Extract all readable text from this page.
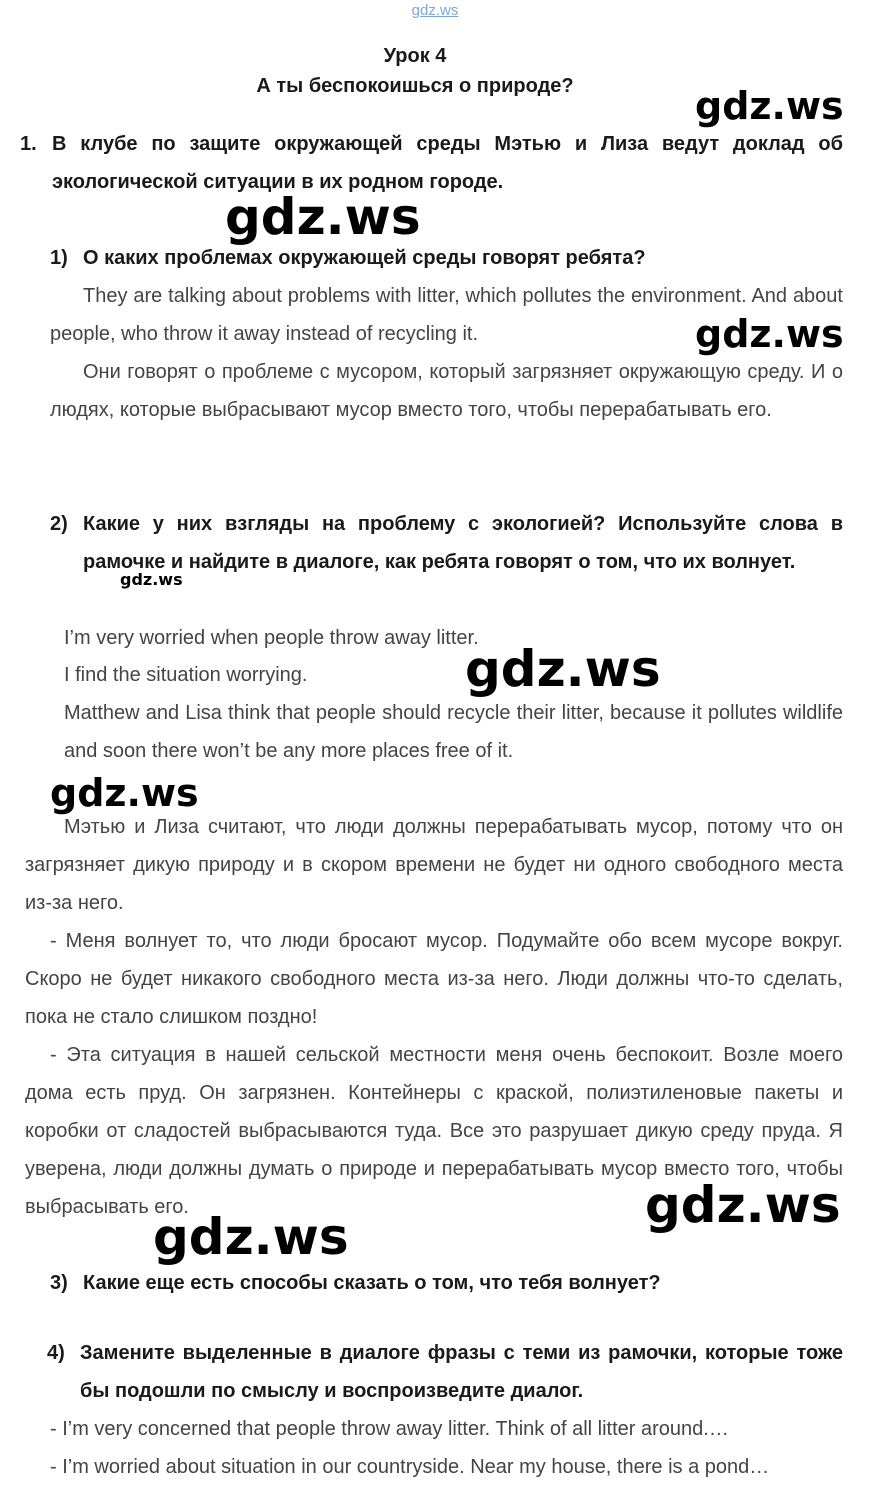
gdz.ws
Урок 4
А ты беспокоишься о природе?
1. В клубе по защите окружающей среды Мэтью и Лиза ведут доклад об экологической ситуации в их родном городе.
1) О каких проблемах окружающей среды говорят ребята?
They are talking about problems with litter, which pollutes the environment. And about people, who throw it away instead of recycling it.
Они говорят о проблеме с мусором, который загрязняет окружающую среду. И о людях, которые выбрасывают мусор вместо того, чтобы перерабатывать его.
2) Какие у них взгляды на проблему с экологией? Используйте слова в рамочке и найдите в диалоге, как ребята говорят о том, что их волнует.
I’m very worried when people throw away litter.
I find the situation worrying.
Matthew and Lisa think that people should recycle their litter, because it pollutes wildlife and soon there won’t be any more places free of it.
Мэтью и Лиза считают, что люди должны перерабатывать мусор, потому что он загрязняет дикую природу и в скором времени не будет ни одного свободного места из-за него.
- Меня волнует то, что люди бросают мусор. Подумайте обо всем мусоре вокруг. Скоро не будет никакого свободного места из-за него. Люди должны что-то сделать, пока не стало слишком поздно!
- Эта ситуация в нашей сельской местности меня очень беспокоит. Возле моего дома есть пруд. Он загрязнен. Контейнеры с краской, полиэтиленовые пакеты и коробки от сладостей выбрасываются туда. Все это разрушает дикую среду пруда. Я уверена, люди должны думать о природе и перерабатывать мусор вместо того, чтобы выбрасывать его.
3) Какие еще есть способы сказать о том, что тебя волнует?
4) Замените выделенные в диалоге фразы с теми из рамочки, которые тоже бы подошли по смыслу и воспроизведите диалог.
- I’m very concerned that people throw away litter. Think of all litter around.…
- I’m worried about situation in our countryside. Near my house, there is a pond…
gdz.ws
gdz.ws
gdz.ws
gdz.ws
gdz.ws
gdz.ws
gdz.ws
gdz.ws
